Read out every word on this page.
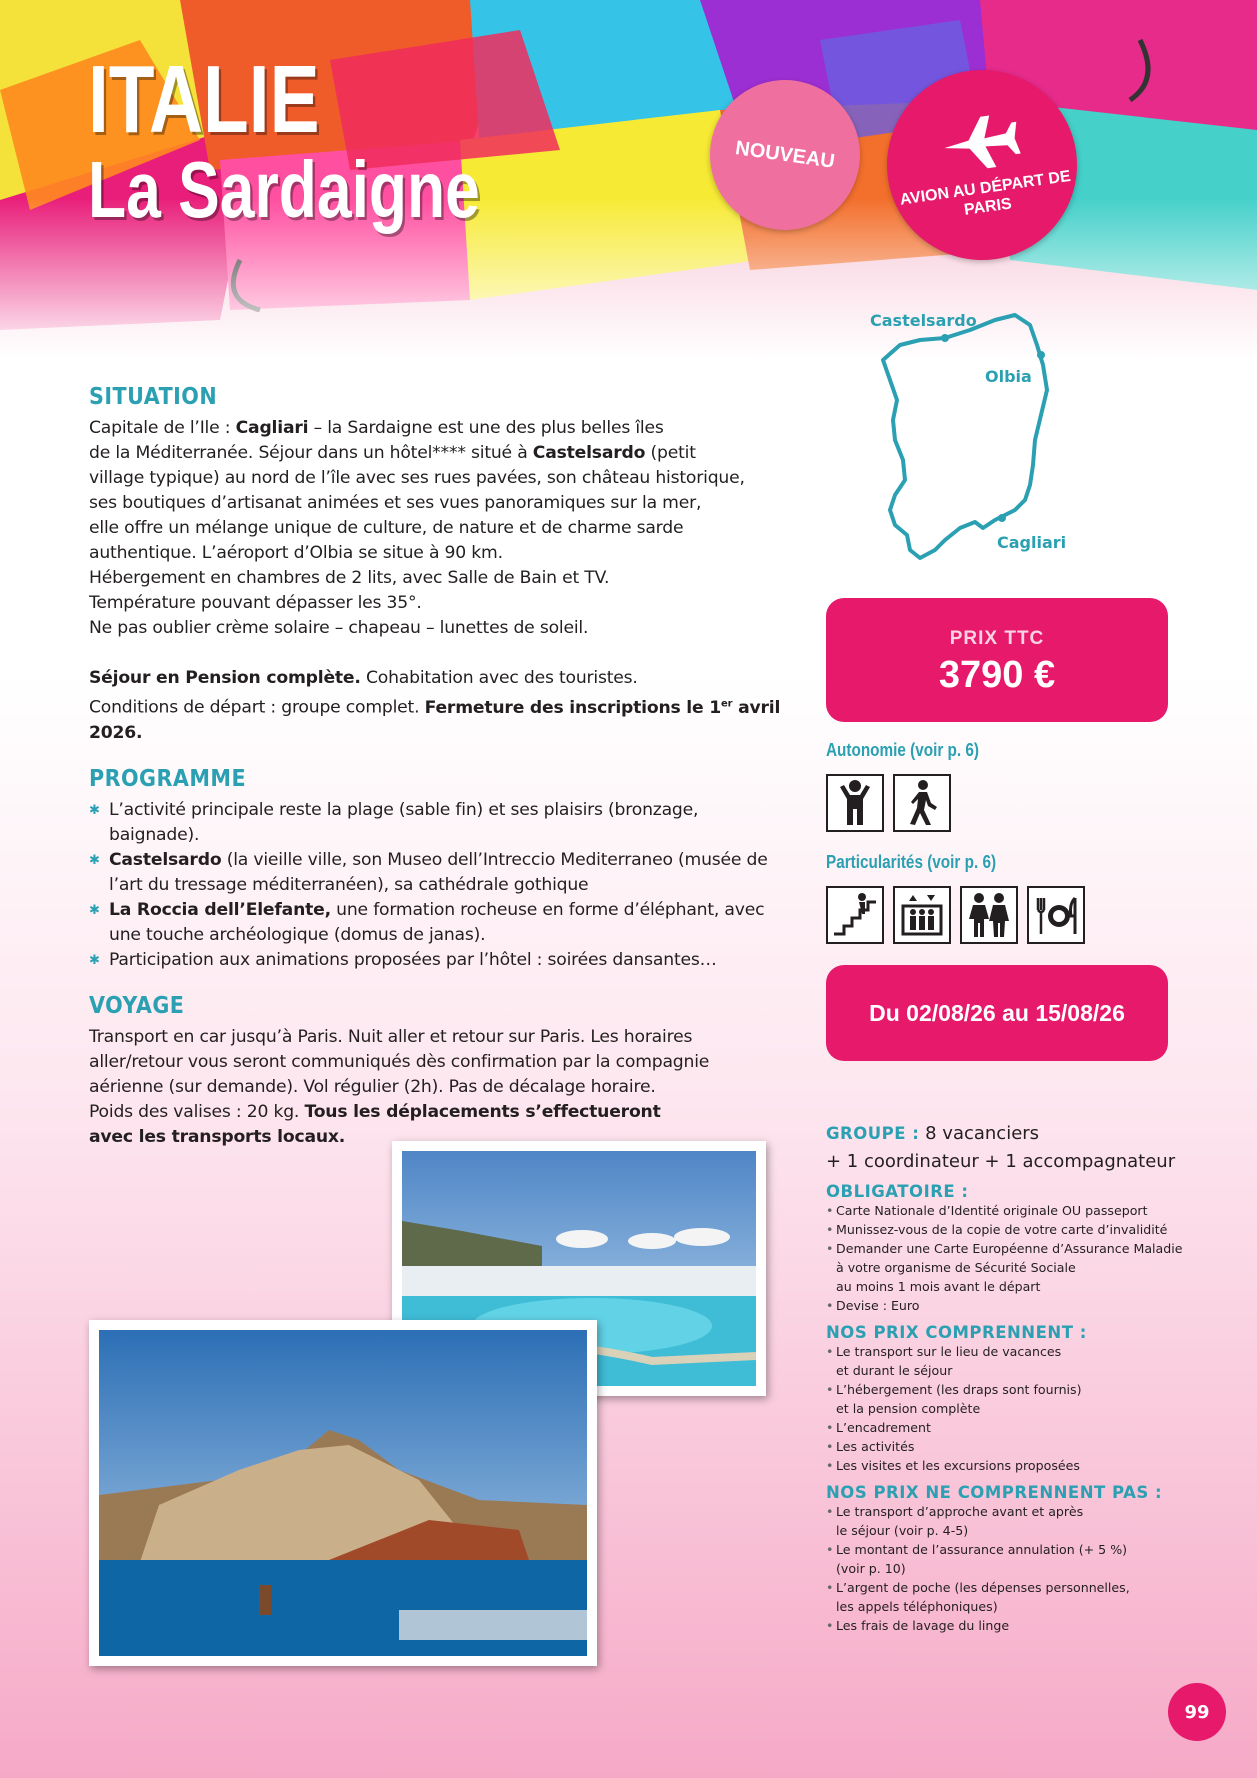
ITALIE
La Sardaigne	NOUVEAU
AVION AU DÉPART DE PARIS
Castelsardo
Olbia
Cagliari
SITUATION

Capitale de l’Ile : Cagliari – la Sardaigne est une des plus belles îles

de la Méditerranée. Séjour dans un hôtel**** situé à Castelsardo (petit

village typique) au nord de l’île avec ses rues pavées, son château historique,

ses boutiques d’artisanat animées et ses vues panoramiques sur la mer,

elle offre un mélange unique de culture, de nature et de charme sarde

authentique. L’aéroport d’Olbia se situe à 90 km.

Hébergement en chambres de 2 lits, avec Salle de Bain et TV.

Température pouvant dépasser les 35°.

Ne pas oublier crème solaire – chapeau – lunettes de soleil.

Séjour en Pension complète. Cohabitation avec des touristes.

Conditions de départ : groupe complet. Fermeture des inscriptions le 1er avril 2026.

PROGRAMME
✱ L’activité principale reste la plage (sable fin) et ses plaisirs (bronzage, baignade).
✱ Castelsardo (la vieille ville, son Museo dell’Intreccio Mediterraneo (musée de l’art du tressage méditerranéen), sa cathédrale gothique
✱ La Roccia dell’Elefante, une formation rocheuse en forme d’éléphant, avec une touche archéologique (domus de janas).
✱ Participation aux animations proposées par l’hôtel : soirées dansantes…
VOYAGE

Transport en car jusqu’à Paris. Nuit aller et retour sur Paris. Les horaires

aller/retour vous seront communiqués dès confirmation par la compagnie

aérienne (sur demande). Vol régulier (2h). Pas de décalage horaire.

Poids des valises : 20 kg. Tous les déplacements s’effectueront

avec les transports locaux.

PRIX TTC
3790 €
Autonomie (voir p. 6)
Particularités (voir p. 6)
Du 02/08/26 au 15/08/26
GROUPE : 8 vacanciers
+ 1 coordinateur + 1 accompagnateur
OBLIGATOIRE :
• Carte Nationale d’Identité originale OU passeport
• Munissez-vous de la copie de votre carte d’invalidité
• Demander une Carte Européenne d’Assurance Maladie
à votre organisme de Sécurité Sociale
au moins 1 mois avant le départ
• Devise : Euro
NOS PRIX COMPRENNENT :
• Le transport sur le lieu de vacances
et durant le séjour
• L’hébergement (les draps sont fournis)
et la pension complète
• L’encadrement
• Les activités
• Les visites et les excursions proposées
NOS PRIX NE COMPRENNENT PAS :
• Le transport d’approche avant et après
le séjour (voir p. 4-5)
• Le montant de l’assurance annulation (+ 5 %)
(voir p. 10)
• L’argent de poche (les dépenses personnelles,
les appels téléphoniques)
• Les frais de lavage du linge
99
